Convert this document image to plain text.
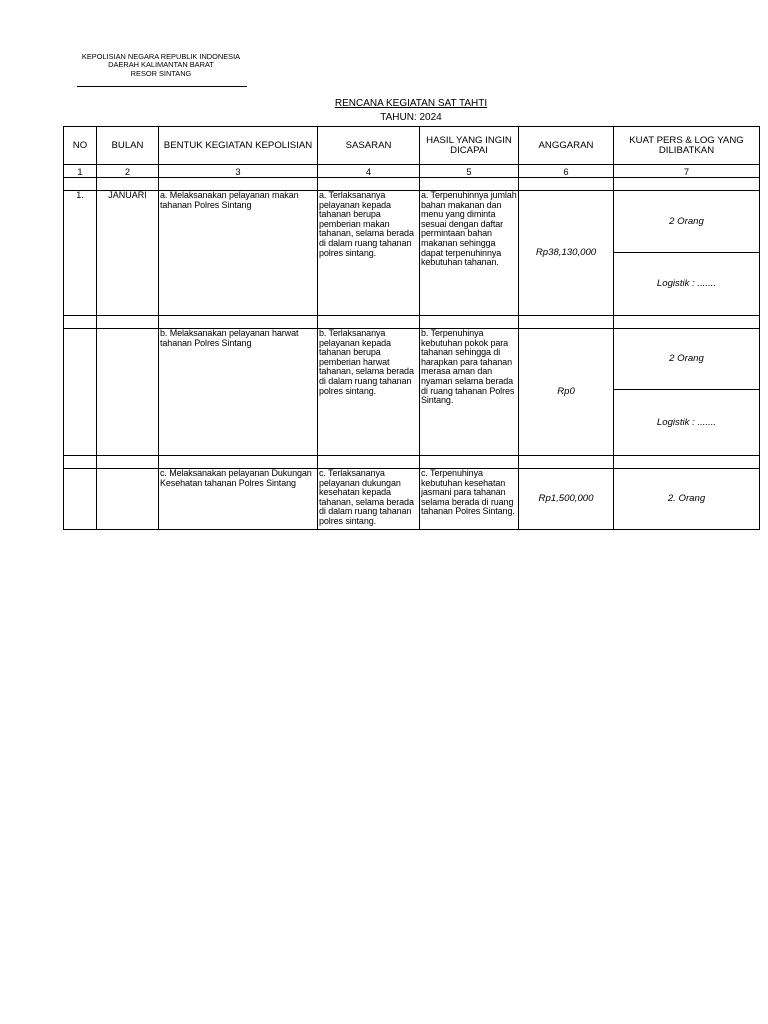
KEPOLISIAN NEGARA REPUBLIK INDONESIA
DAERAH KALIMANTAN BARAT
RESOR SINTANG
RENCANA KEGIATAN SAT TAHTI
TAHUN: 2024
NO	BULAN	BENTUK KEGIATAN KEPOLISIAN	SASARAN	HASIL YANG INGIN DICAPAI	ANGGARAN	KUAT PERS & LOG YANG DILIBATKAN
1	2	3	4	5	6	7

1.	JANUARI	a. Melaksanakan pelayanan makan tahanan Polres Sintang	a. Terlaksananya pelayanan kepada tahanan berupa pemberian makan tahanan, selama berada di dalam ruang tahanan polres sintang.	a. Terpenuhinnya jumlah bahan makanan dan menu yang diminta sesuai dengan daftar permintaan bahan makanan sehingga dapat terpenuhinnya kebutuhan tahanan.	Rp38,130,000	2 Orang
						Logistik : .......

		b. Melaksanakan pelayanan harwat tahanan Polres Sintang	b. Terlaksananya pelayanan kepada tahanan berupa pemberian harwat tahanan, selama berada di dalam ruang tahanan polres sintang.	b. Terpenuhinya kebutuhan pokok para tahanan sehingga di harapkan para tahanan merasa aman dan nyaman selama berada di ruang tahanan Polres Sintang.	Rp0	2 Orang
						Logistik : .......

		c. Melaksanakan pelayanan Dukungan Kesehatan tahanan Polres Sintang	c. Terlaksananya pelayanan dukungan kesehatan kepada tahanan, selama berada di dalam ruang tahanan polres sintang.	c. Terpenuhinya kebutuhan kesehatan jasmani para tahanan selama berada di ruang tahanan Polres Sintang.	Rp1,500,000	2. Orang
